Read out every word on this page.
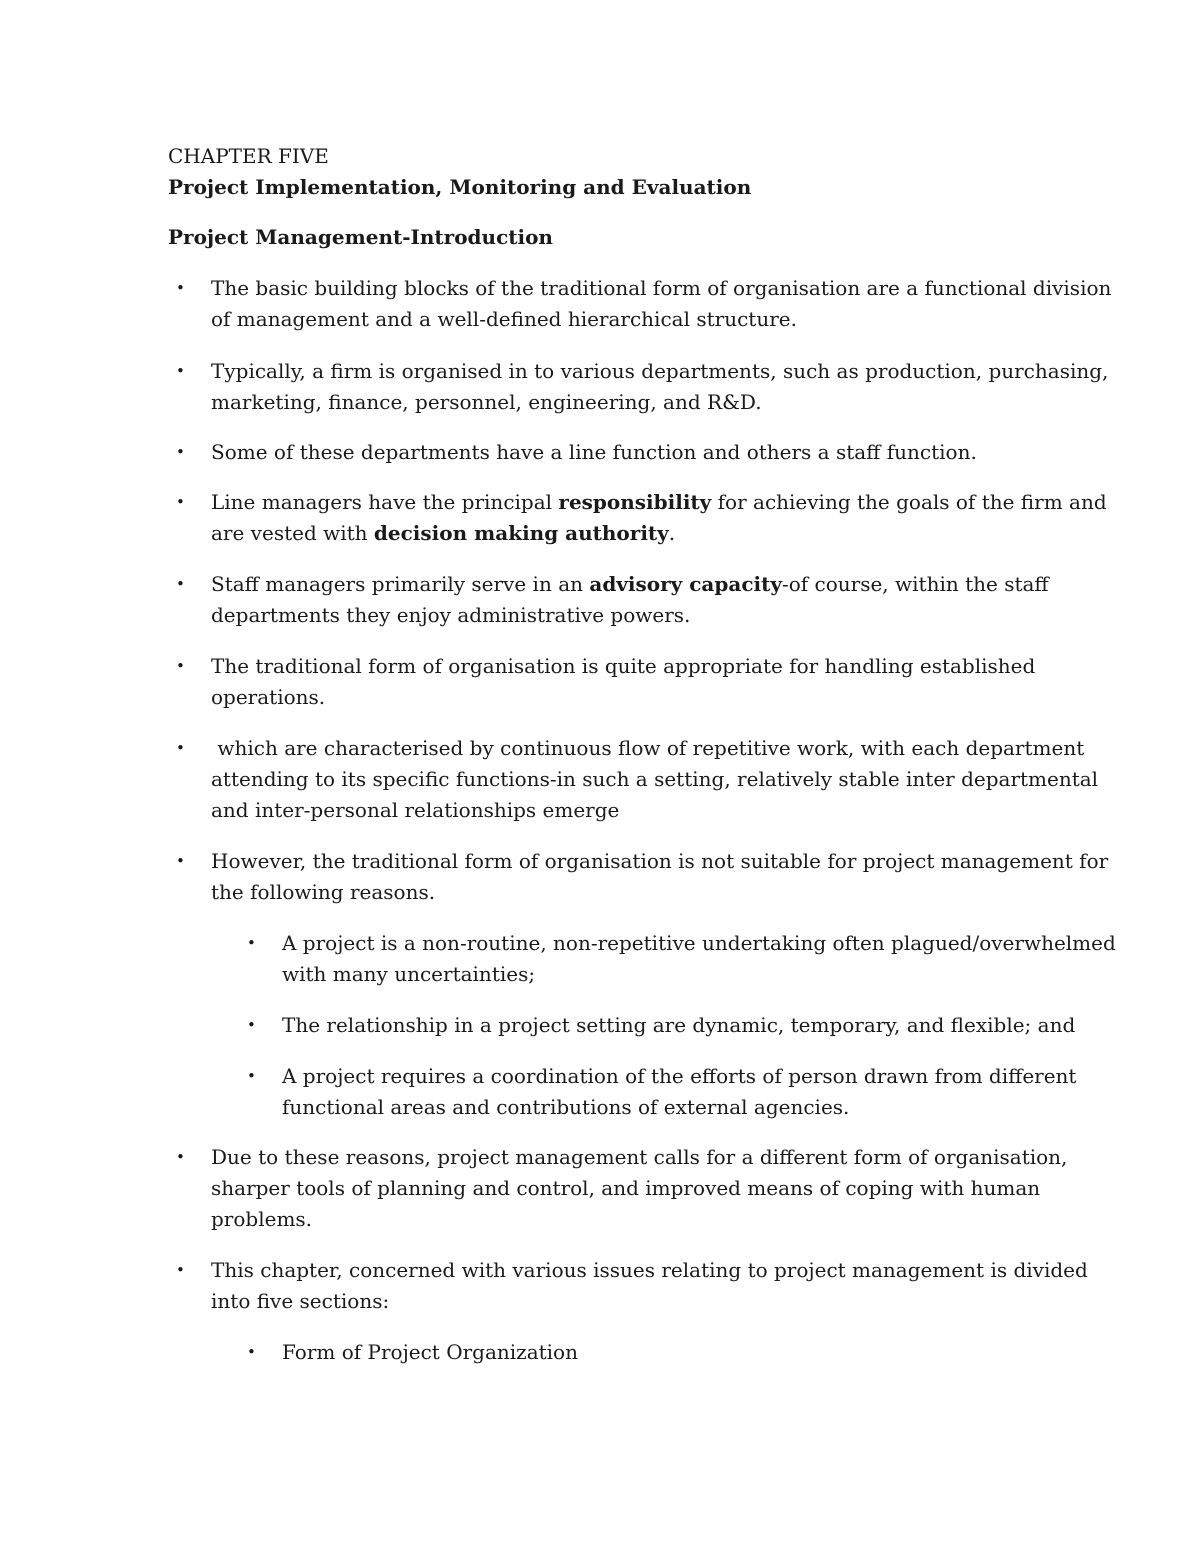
CHAPTER FIVE
Project Implementation, Monitoring and Evaluation
Project Management-Introduction
• The basic building blocks of the traditional form of organisation are a functional division
of management and a well-defined hierarchical structure.
• Typically, a firm is organised in to various departments, such as production, purchasing,
marketing, finance, personnel, engineering, and R&D.
• Some of these departments have a line function and others a staff function.
• Line managers have the principal responsibility for achieving the goals of the firm and
are vested with decision making authority.
• Staff managers primarily serve in an advisory capacity-of course, within the staff
departments they enjoy administrative powers.
• The traditional form of organisation is quite appropriate for handling established
operations.
• which are characterised by continuous flow of repetitive work, with each department
attending to its specific functions-in such a setting, relatively stable inter departmental
and inter-personal relationships emerge
• However, the traditional form of organisation is not suitable for project management for
the following reasons.
• A project is a non-routine, non-repetitive undertaking often plagued/overwhelmed
with many uncertainties;
• The relationship in a project setting are dynamic, temporary, and flexible; and
• A project requires a coordination of the efforts of person drawn from different
functional areas and contributions of external agencies.
• Due to these reasons, project management calls for a different form of organisation,
sharper tools of planning and control, and improved means of coping with human
problems.
• This chapter, concerned with various issues relating to project management is divided
into five sections:
• Form of Project Organization
